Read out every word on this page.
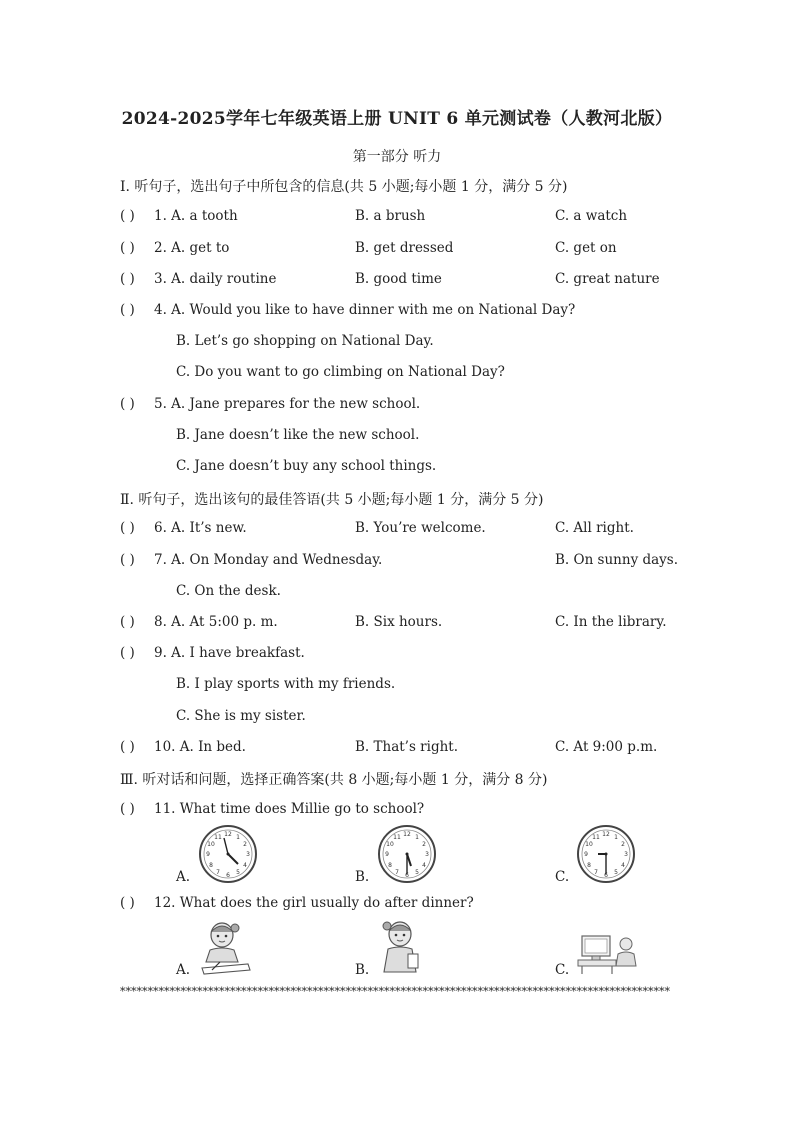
2024-2025学年七年级英语上册 UNIT 6 单元测试卷（人教河北版）
第一部分 听力
Ⅰ. 听句子，选出句子中所包含的信息(共 5 小题;每小题 1 分，满分 5 分)
( ) 1. A. a tooth	B. a brush	C. a watch
( ) 2. A. get to	B. get dressed	C. get on
( ) 3. A. daily routine	B. good time	C. great nature
( ) 4. A. Would you like to have dinner with me on National Day?
B. Let’s go shopping on National Day.
C. Do you want to go climbing on National Day?
( ) 5. A. Jane prepares for the new school.
B. Jane doesn’t like the new school.
C. Jane doesn’t buy any school things.
Ⅱ. 听句子，选出该句的最佳答语(共 5 小题;每小题 1 分，满分 5 分)
( ) 6. A. It’s new.	B. You’re welcome.	C. All right.
( ) 7. A. On Monday and Wednesday.	B. On sunny days.
C. On the desk.
( ) 8. A. At 5:00 p. m.	B. Six hours.	C. In the library.
( ) 9. A. I have breakfast.
B. I play sports with my friends.
C. She is my sister.
( ) 10. A. In bed.	B. That’s right.	C. At 9:00 p.m.
Ⅲ. 听对话和问题，选择正确答案(共 8 小题;每小题 1 分，满分 8 分)
( ) 11. What time does Millie go to school?
A.
12
3
6
9
1
2
4
5
7
8
10
11
B.
12
3
6
9
1
2
4
5
7
8
10
11
C.
12
3
6
9
1
2
4
5
7
8
10
11
( ) 12. What does the girl usually do after dinner?
A.	B.	C.
****************************************************************************************************
